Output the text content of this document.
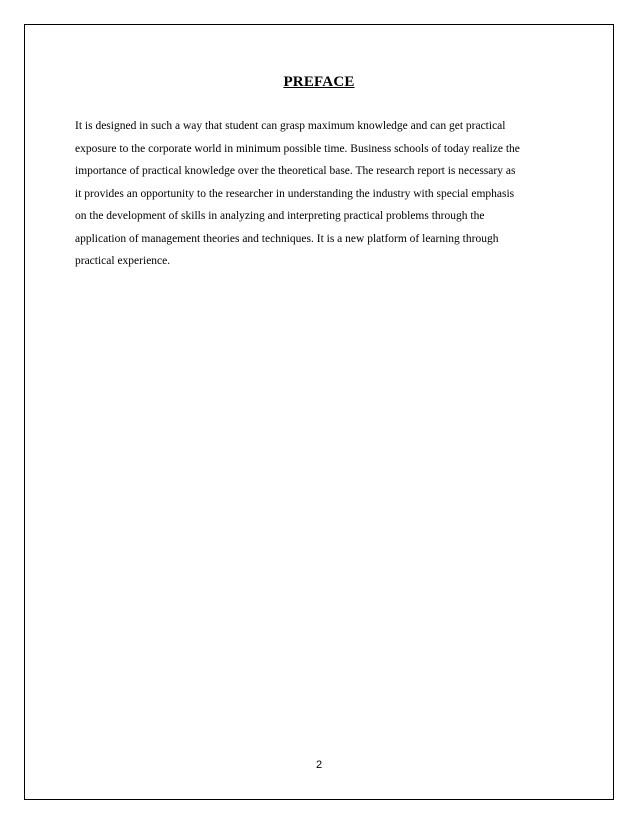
PREFACE
It is designed in such a way that student can grasp maximum knowledge and can get practical
exposure to the corporate world in minimum possible time. Business schools of today realize the
importance of practical knowledge over the theoretical base. The research report is necessary as
it provides an opportunity to the researcher in understanding the industry with special emphasis
on the development of skills in analyzing and interpreting practical problems through the
application of management theories and techniques. It is a new platform of learning through
practical experience.
2
